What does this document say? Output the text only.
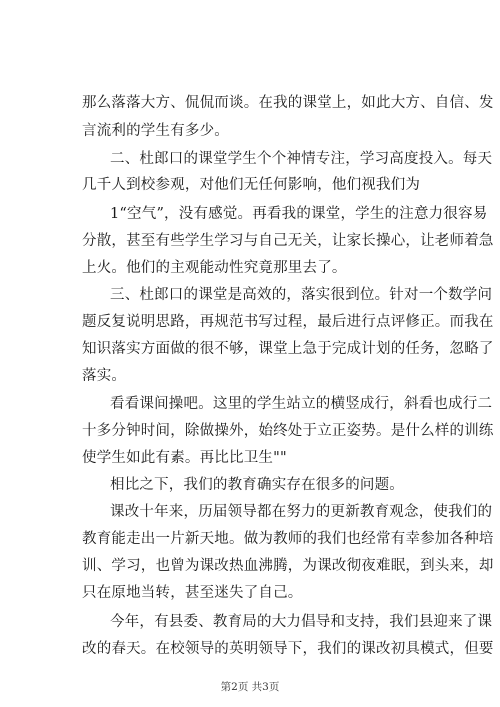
那么落落大方、侃侃而谈。在我的课堂上，如此大方、自信、发
言流利的学生有多少。
二、杜郎口的课堂学生个个神情专注，学习高度投入。每天
几千人到校参观，对他们无任何影响，他们视我们为
1“空气”，没有感觉。再看我的课堂，学生的注意力很容易
分散，甚至有些学生学习与自己无关，让家长操心，让老师着急
上火。他们的主观能动性究竟那里去了。
三、杜郎口的课堂是高效的，落实很到位。针对一个数学问
题反复说明思路，再规范书写过程，最后进行点评修正。而我在
知识落实方面做的很不够，课堂上急于完成计划的任务，忽略了
落实。
看看课间操吧。这里的学生站立的横竖成行，斜看也成行二
十多分钟时间，除做操外，始终处于立正姿势。是什么样的训练
使学生如此有素。再比比卫生""
相比之下，我们的教育确实存在很多的问题。
课改十年来，历届领导都在努力的更新教育观念，使我们的
教育能走出一片新天地。做为教师的我们也经常有幸参加各种培
训、学习，也曾为课改热血沸腾，为课改彻夜难眠，到头来，却
只在原地当转，甚至迷失了自己。
今年，有县委、教育局的大力倡导和支持，我们县迎来了课
改的春天。在校领导的英明领导下，我们的课改初具模式，但要
第2页 共3页
